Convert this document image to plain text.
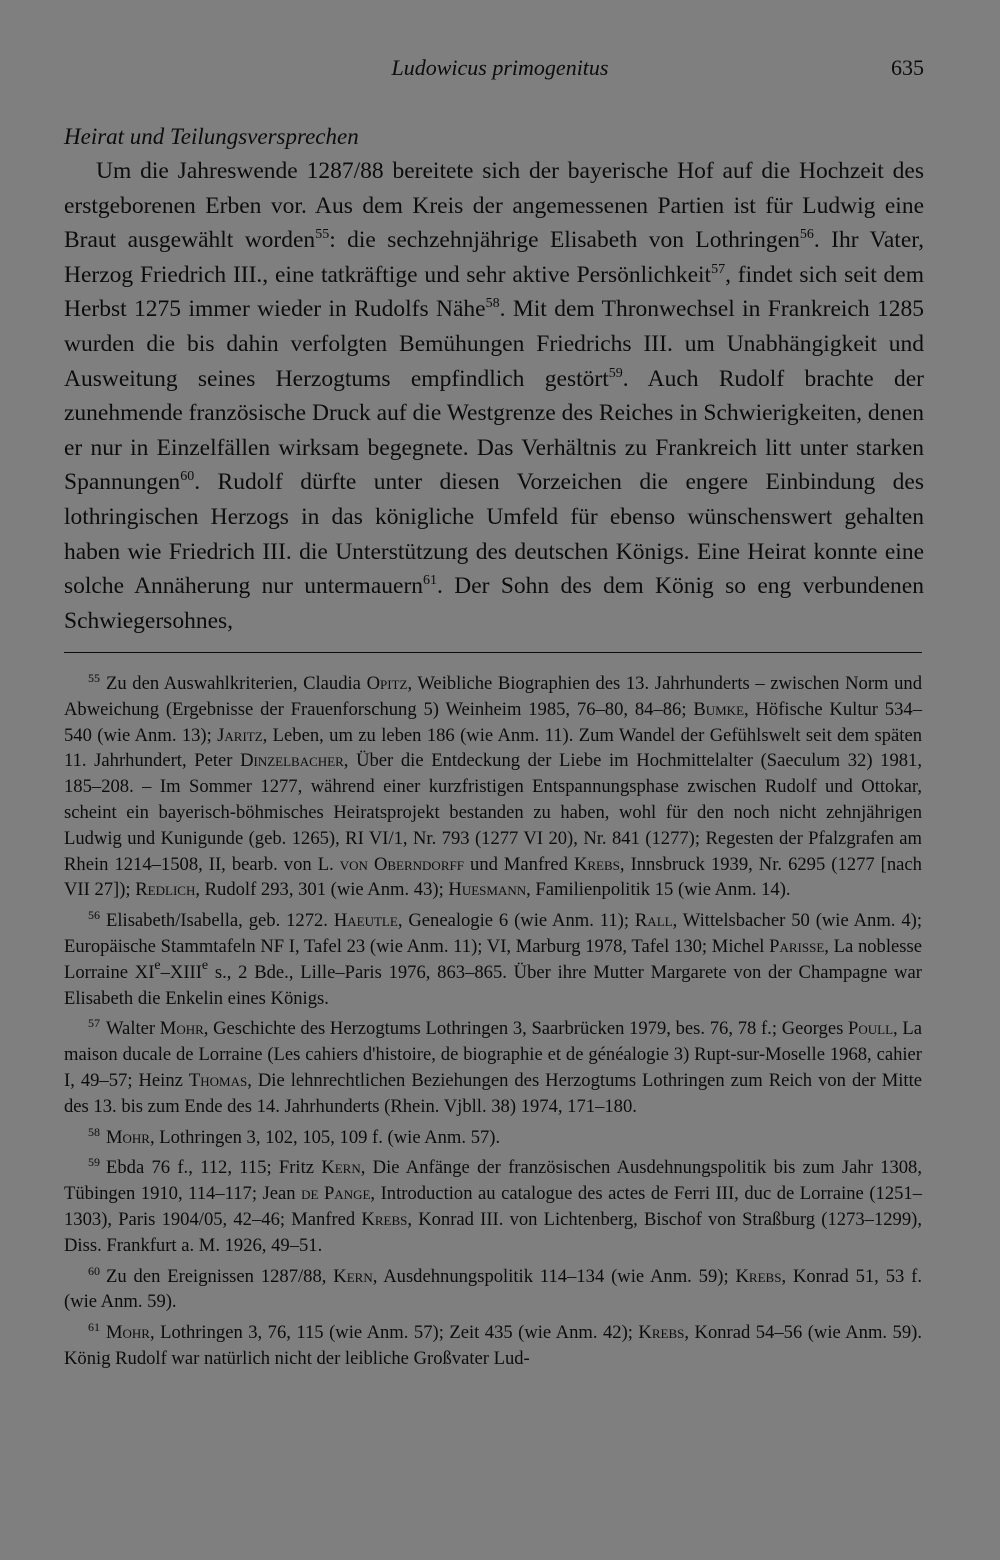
Ludowicus primogenitus	635

Heirat und Teilungsversprechen

Um die Jahreswende 1287/88 bereitete sich der bayerische Hof auf die Hochzeit des erstgeborenen Erben vor. Aus dem Kreis der angemessenen Partien ist für Ludwig eine Braut ausgewählt worden$^{55}$: die sechzehnjährige Elisabeth von Lothringen$^{56}$. Ihr Vater, Herzog Friedrich III., eine tatkräftige und sehr aktive Persönlichkeit$^{57}$, findet sich seit dem Herbst 1275 immer wieder in Rudolfs Nähe$^{58}$. Mit dem Thronwechsel in Frankreich 1285 wurden die bis dahin verfolgten Bemühungen Friedrichs III. um Unabhängigkeit und Ausweitung seines Herzogtums empfindlich gestört$^{59}$. Auch Rudolf brachte der zunehmende französische Druck auf die Westgrenze des Reiches in Schwierigkeiten, denen er nur in Einzelfällen wirksam begegnete. Das Verhältnis zu Frankreich litt unter starken Spannungen$^{60}$. Rudolf dürfte unter diesen Vorzeichen die engere Einbindung des lothringischen Herzogs in das königliche Umfeld für ebenso wünschenswert gehalten haben wie Friedrich III. die Unterstützung des deutschen Königs. Eine Heirat konnte eine solche Annäherung nur untermauern$^{61}$. Der Sohn des dem König so eng verbundenen Schwiegersohnes,

$^{55}$ Zu den Auswahlkriterien, Claudia Opitz, Weibliche Biographien des 13. Jahrhunderts – zwischen Norm und Abweichung (Ergebnisse der Frauenforschung 5) Weinheim 1985, 76–80, 84–86; Bumke, Höfische Kultur 534–540 (wie Anm. 13); Jaritz, Leben, um zu leben 186 (wie Anm. 11). Zum Wandel der Gefühlswelt seit dem späten 11. Jahrhundert, Peter Dinzelbacher, Über die Entdeckung der Liebe im Hochmittelalter (Saeculum 32) 1981, 185–208. – Im Sommer 1277, während einer kurzfristigen Entspannungsphase zwischen Rudolf und Ottokar, scheint ein bayerisch-böhmisches Heiratsprojekt bestanden zu haben, wohl für den noch nicht zehnjährigen Ludwig und Kunigunde (geb. 1265), RI VI/1, Nr. 793 (1277 VI 20), Nr. 841 (1277); Regesten der Pfalzgrafen am Rhein 1214–1508, II, bearb. von L. von Oberndorff und Manfred Krebs, Innsbruck 1939, Nr. 6295 (1277 [nach VII 27]); Redlich, Rudolf 293, 301 (wie Anm. 43); Huesmann, Familienpolitik 15 (wie Anm. 14).

$^{56}$ Elisabeth/Isabella, geb. 1272. Haeutle, Genealogie 6 (wie Anm. 11); Rall, Wittelsbacher 50 (wie Anm. 4); Europäische Stammtafeln NF I, Tafel 23 (wie Anm. 11); VI, Marburg 1978, Tafel 130; Michel Parisse, La noblesse Lorraine XIe–XIIIe s., 2 Bde., Lille–Paris 1976, 863–865. Über ihre Mutter Margarete von der Champagne war Elisabeth die Enkelin eines Königs.

$^{57}$ Walter Mohr, Geschichte des Herzogtums Lothringen 3, Saarbrücken 1979, bes. 76, 78 f.; Georges Poull, La maison ducale de Lorraine (Les cahiers d'histoire, de biographie et de généalogie 3) Rupt-sur-Moselle 1968, cahier I, 49–57; Heinz Thomas, Die lehnrechtlichen Beziehungen des Herzogtums Lothringen zum Reich von der Mitte des 13. bis zum Ende des 14. Jahrhunderts (Rhein. Vjbll. 38) 1974, 171–180.

$^{58}$ Mohr, Lothringen 3, 102, 105, 109 f. (wie Anm. 57).

$^{59}$ Ebda 76 f., 112, 115; Fritz Kern, Die Anfänge der französischen Ausdehnungspolitik bis zum Jahr 1308, Tübingen 1910, 114–117; Jean de Pange, Introduction au catalogue des actes de Ferri III, duc de Lorraine (1251–1303), Paris 1904/05, 42–46; Manfred Krebs, Konrad III. von Lichtenberg, Bischof von Straßburg (1273–1299), Diss. Frankfurt a. M. 1926, 49–51.

$^{60}$ Zu den Ereignissen 1287/88, Kern, Ausdehnungspolitik 114–134 (wie Anm. 59); Krebs, Konrad 51, 53 f. (wie Anm. 59).

$^{61}$ Mohr, Lothringen 3, 76, 115 (wie Anm. 57); Zeit 435 (wie Anm. 42); Krebs, Konrad 54–56 (wie Anm. 59). König Rudolf war natürlich nicht der leibliche Großvater Lud-
